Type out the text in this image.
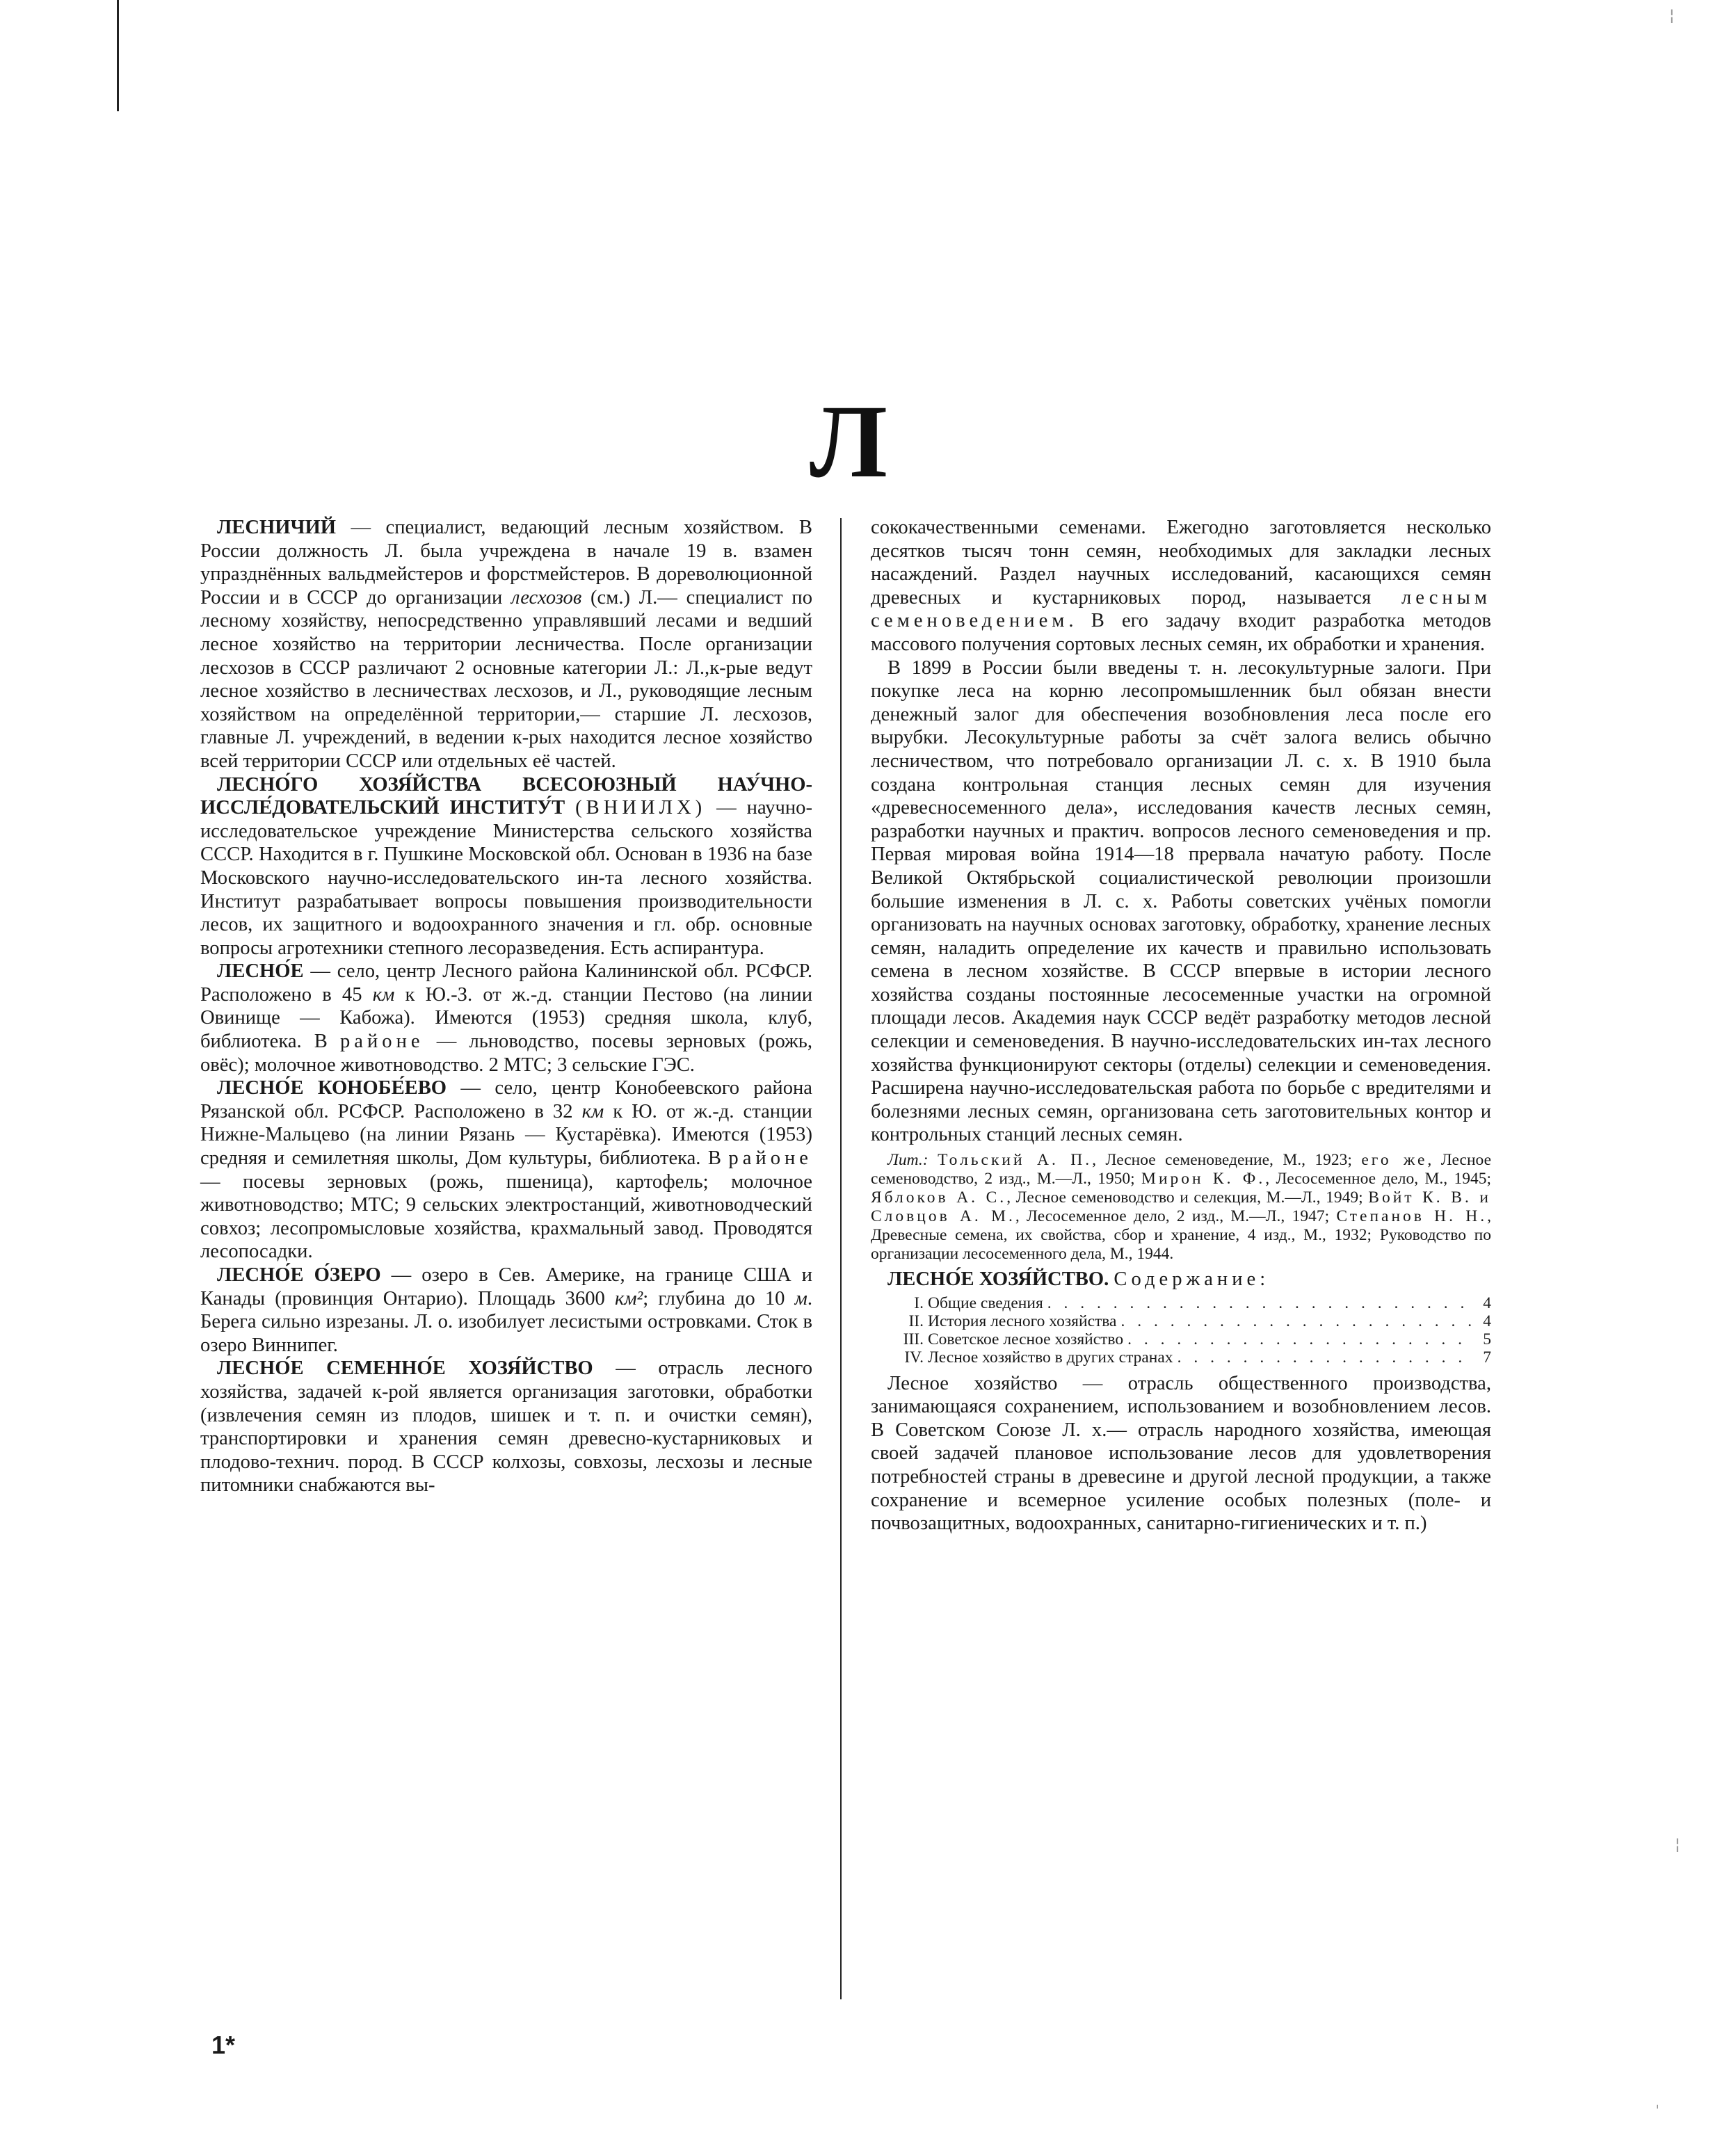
¦
¦
ˌ
Л

ЛЕСНИЧИЙ — специалист, ведающий лесным хозяйством. В России должность Л. была учреждена в начале 19 в. взамен упразднённых вальдмейстеров и форстмейстеров. В дореволюционной России и в СССР до организации лесхозов (см.) Л.— специалист по лесному хозяйству, непосредственно управлявший лесами и ведший лесное хозяйство на территории лесничества. После организации лесхозов в СССР различают 2 основные категории Л.: Л.,к-рые ведут лесное хозяйство в лесничествах лесхозов, и Л., руководящие лесным хозяйством на определённой территории,— старшие Л. лесхозов, главные Л. учреждений, в ведении к-рых находится лесное хозяйство всей территории СССР или отдельных её частей.

ЛЕСНО́ГО ХОЗЯ́ЙСТВА ВСЕСОЮЗНЫЙ НАУ́ЧНО-ИССЛЕ́ДОВАТЕЛЬСКИЙ ИНСТИТУ́Т (ВНИИЛХ) — научно-исследовательское учреждение Министерства сельского хозяйства СССР. Находится в г. Пушкине Московской обл. Основан в 1936 на базе Московского научно-исследовательского ин-та лесного хозяйства. Институт разрабатывает вопросы повышения производительности лесов, их защитного и водоохранного значения и гл. обр. основные вопросы агротехники степного лесоразведения. Есть аспирантура.

ЛЕСНО́Е — село, центр Лесного района Калининской обл. РСФСР. Расположено в 45 км к Ю.-З. от ж.-д. станции Пестово (на линии Овинище — Кабожа). Имеются (1953) средняя школа, клуб, библиотека. В районе — льноводство, посевы зерновых (рожь, овёс); молочное животноводство. 2 МТС; 3 сельские ГЭС.

ЛЕСНО́Е КОНОБЕ́ЕВО — село, центр Конобеевского района Рязанской обл. РСФСР. Расположено в 32 км к Ю. от ж.-д. станции Нижне-Мальцево (на линии Рязань — Кустарёвка). Имеются (1953) средняя и семилетняя школы, Дом культуры, библиотека. В районе — посевы зерновых (рожь, пшеница), картофель; молочное животноводство; МТС; 9 сельских электростанций, животноводческий совхоз; лесопромысловые хозяйства, крахмальный завод. Проводятся лесопосадки.

ЛЕСНО́Е О́ЗЕРО — озеро в Сев. Америке, на границе США и Канады (провинция Онтарио). Площадь 3600 км²; глубина до 10 м. Берега сильно изрезаны. Л. о. изобилует лесистыми островками. Сток в озеро Виннипег.

ЛЕСНО́Е СЕМЕННО́Е ХОЗЯ́ЙСТВО — отрасль лесного хозяйства, задачей к-рой является организация заготовки, обработки (извлечения семян из плодов, шишек и т. п. и очистки семян), транспортировки и хранения семян древесно-кустарниковых и плодово-технич. пород. В СССР колхозы, совхозы, лесхозы и лесные питомники снабжаются вы-

сококачественными семенами. Ежегодно заготовляется несколько десятков тысяч тонн семян, необходимых для закладки лесных насаждений. Раздел научных исследований, касающихся семян древесных и кустарниковых пород, называется лесным семеноведением. В его задачу входит разработка методов массового получения сортовых лесных семян, их обработки и хранения.

В 1899 в России были введены т. н. лесокультурные залоги. При покупке леса на корню лесопромышленник был обязан внести денежный залог для обеспечения возобновления леса после его вырубки. Лесокультурные работы за счёт залога велись обычно лесничеством, что потребовало организации Л. с. х. В 1910 была создана контрольная станция лесных семян для изучения «древесносеменного дела», исследования качеств лесных семян, разработки научных и практич. вопросов лесного семеноведения и пр. Первая мировая война 1914—18 прервала начатую работу. После Великой Октябрьской социалистической революции произошли большие изменения в Л. с. х. Работы советских учёных помогли организовать на научных основах заготовку, обработку, хранение лесных семян, наладить определение их качеств и правильно использовать семена в лесном хозяйстве. В СССР впервые в истории лесного хозяйства созданы постоянные лесосеменные участки на огромной площади лесов. Академия наук СССР ведёт разработку методов лесной селекции и семеноведения. В научно-исследовательских ин-тах лесного хозяйства функционируют секторы (отделы) селекции и семеноведения. Расширена научно-исследовательская работа по борьбе с вредителями и болезнями лесных семян, организована сеть заготовительных контор и контрольных станций лесных семян.

Лит.: Тольский А. П., Лесное семеноведение, М., 1923; его же, Лесное семеноводство, 2 изд., М.—Л., 1950; Мирон К. Ф., Лесосеменное дело, М., 1945; Яблоков А. С., Лесное семеноводство и селекция, М.—Л., 1949; Войт К. В. и Словцов А. М., Лесосеменное дело, 2 изд., М.—Л., 1947; Степанов Н. Н., Древесные семена, их свойства, сбор и хранение, 4 изд., М., 1932; Руководство по организации лесосеменного дела, М., 1944.

ЛЕСНО́Е ХОЗЯ́ЙСТВО. Содержание:

I. Общие сведения . . .	4
II. История лесного хозяйства . . .	4
III. Советское лесное хозяйство . . .	5
IV. Лесное хозяйство в других странах . . .	7

Лесное хозяйство — отрасль общественного производства, занимающаяся сохранением, использованием и возобновлением лесов. В Советском Союзе Л. х.— отрасль народного хозяйства, имеющая своей задачей плановое использование лесов для удовлетворения потребностей страны в древесине и другой лесной продукции, а также сохранение и всемерное усиление особых полезных (поле- и почвозащитных, водоохранных, санитарно-гигиенических и т. п.)

1*
